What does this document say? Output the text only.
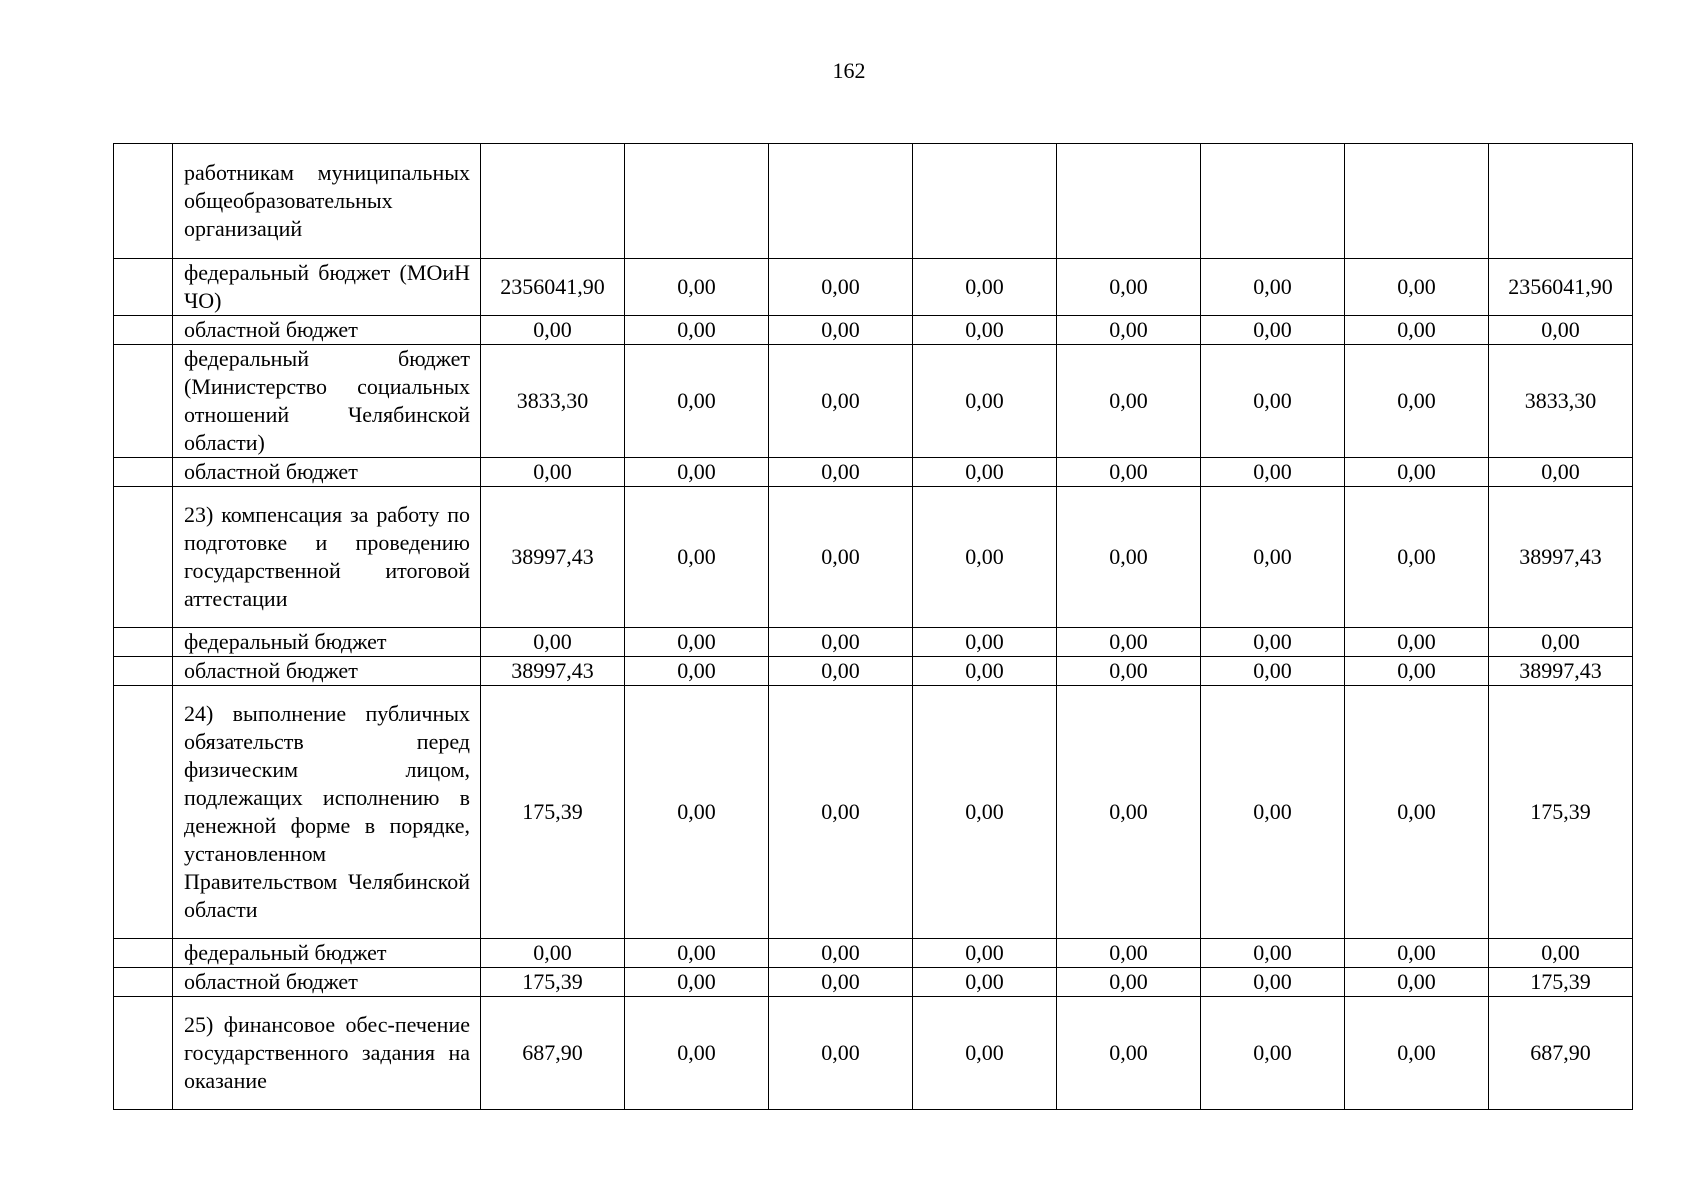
162
	работникам муниципальных общеобразовательных организаций								
	федеральный бюджет (МОиН ЧО)	2356041,90	0,00	0,00	0,00	0,00	0,00	0,00	2356041,90
	областной бюджет	0,00	0,00	0,00	0,00	0,00	0,00	0,00	0,00
	федеральный бюджет (Министерство социальных отношений Челябинской области)	3833,30	0,00	0,00	0,00	0,00	0,00	0,00	3833,30
	областной бюджет	0,00	0,00	0,00	0,00	0,00	0,00	0,00	0,00
	23) компенсация за работу по подготовке и проведению государственной итоговой аттестации	38997,43	0,00	0,00	0,00	0,00	0,00	0,00	38997,43
	федеральный бюджет	0,00	0,00	0,00	0,00	0,00	0,00	0,00	0,00
	областной бюджет	38997,43	0,00	0,00	0,00	0,00	0,00	0,00	38997,43
	24) выполнение публичных обязательств перед физическим лицом, подлежащих исполнению в денежной форме в порядке, установленном Правительством Челябинской области	175,39	0,00	0,00	0,00	0,00	0,00	0,00	175,39
	федеральный бюджет	0,00	0,00	0,00	0,00	0,00	0,00	0,00	0,00
	областной бюджет	175,39	0,00	0,00	0,00	0,00	0,00	0,00	175,39
	25) финансовое обес-печение государственного задания на оказание	687,90	0,00	0,00	0,00	0,00	0,00	0,00	687,90
